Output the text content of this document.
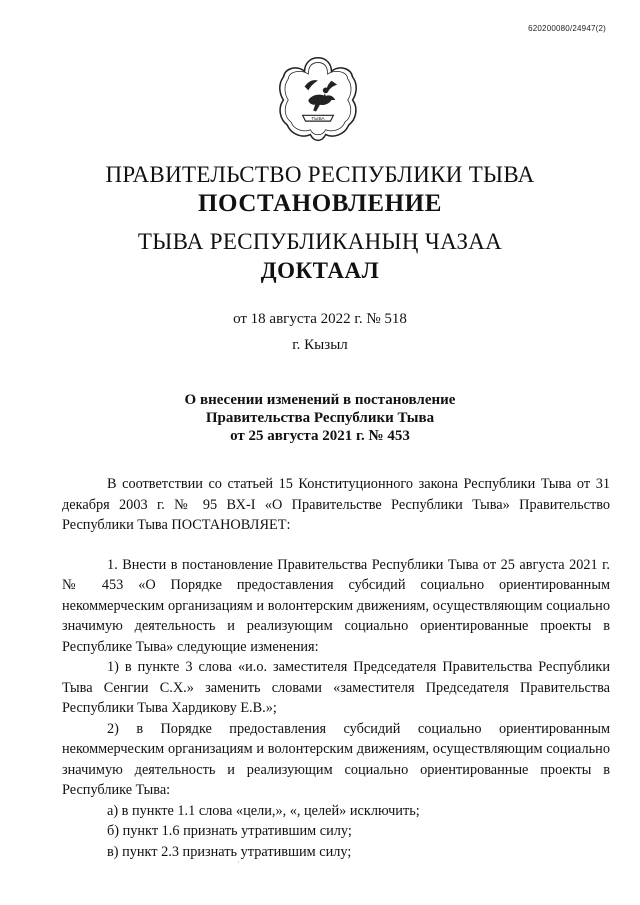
620200080/24947(2)
ТЫВА
ПРАВИТЕЛЬСТВО РЕСПУБЛИКИ ТЫВА
ПОСТАНОВЛЕНИЕ
ТЫВА РЕСПУБЛИКАНЫҢ ЧАЗАА
ДОКТААЛ
от 18 августа 2022 г. № 518
г. Кызыл
О внесении изменений в постановление
Правительства Республики Тыва
от 25 августа 2021 г. № 453

В соответствии со статьей 15 Конституционного закона Республики Тыва от 31 декабря 2003 г. № 95 ВХ-I «О Правительстве Республики Тыва» Правительство Республики Тыва ПОСТАНОВЛЯЕТ:

1. Внести в постановление Правительства Республики Тыва от 25 августа 2021 г. № 453 «О Порядке предоставления субсидий социально ориентированным некоммерческим организациям и волонтерским движениям, осуществляющим социально значимую деятельность и реализующим социально ориентированные проекты в Республике Тыва» следующие изменения:

1) в пункте 3 слова «и.о. заместителя Председателя Правительства Республики Тыва Сенгии С.Х.» заменить словами «заместителя Председателя Правительства Республики Тыва Хардикову Е.В.»;

2) в Порядке предоставления субсидий социально ориентированным некоммерческим организациям и волонтерским движениям, осуществляющим социально значимую деятельность и реализующим социально ориентированные проекты в Республике Тыва:

а) в пункте 1.1 слова «цели,», «, целей» исключить;

б) пункт 1.6 признать утратившим силу;

в) пункт 2.3 признать утратившим силу;

·
